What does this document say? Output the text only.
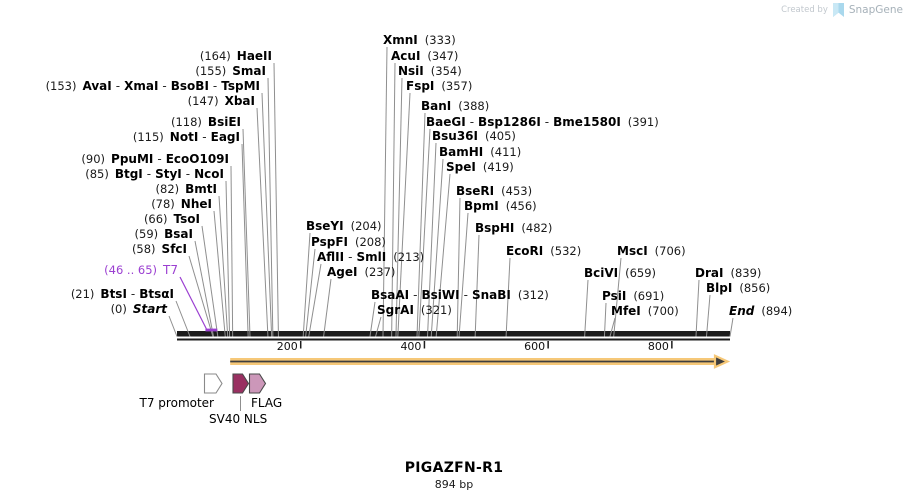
200	400	600	800
(164) HaeII
(155) SmaI
(153) AvaI - XmaI - BsoBI - TspMI
(147) XbaI
(118) BsiEI
(115) NotI - EagI
(90) PpuMI - EcoO109I
(85) BtgI - StyI - NcoI
(82) BmtI
(78) NheI
(66) TsoI
(59) BsaI
(58) SfcI
(21) BtsI - BtsαI
(0) Start
BseYI (204)
PspFI (208)
AflII - SmlI (213)
AgeI (237)
BsaAI - BsiWI - SnaBI (312)
SgrAI (321)
XmnI (333)
AcuI (347)
NsiI (354)
FspI (357)
BanI (388)
BaeGI - Bsp1286I - Bme1580I (391)
Bsu36I (405)
BamHI (411)
SpeI (419)
BseRI (453)
BpmI (456)
BspHI (482)
EcoRI (532)	MscI (706)
BciVI (659)	DraI (839)
BlpI (856)
PsiI (691)
MfeI (700)	End (894)
(46 .. 65) T7
T7 promoter
SV40 NLS
FLAG
PIGAZFN-R1
894 bp
Created by SnapGene
